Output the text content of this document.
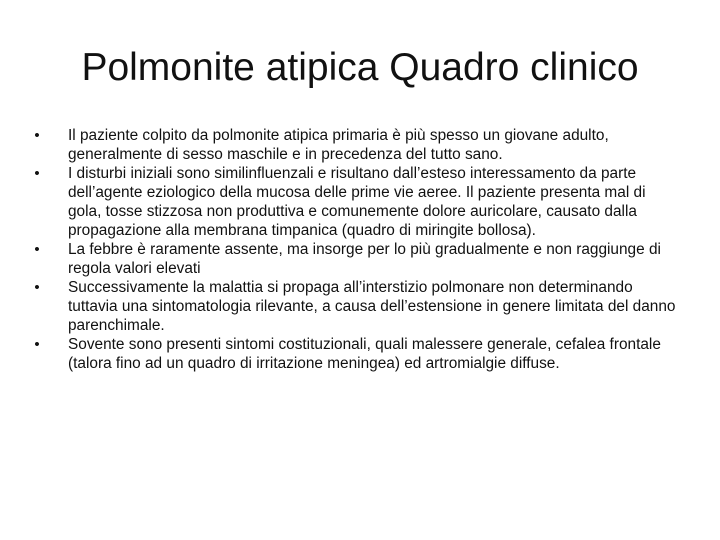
Polmonite atipica Quadro clinico
• Il paziente colpito da polmonite atipica primaria è più spesso un giovane adulto, generalmente di sesso maschile e in precedenza del tutto sano.
• I disturbi iniziali sono similinfluenzali e risultano dall’esteso interessamento da parte dell’agente eziologico della mucosa delle prime vie aeree. Il paziente presenta mal di gola, tosse stizzosa non produttiva e comunemente dolore auricolare, causato dalla propagazione alla membrana timpanica (quadro di miringite bollosa).
• La febbre è raramente assente, ma insorge per lo più gradualmente e non raggiunge di regola valori elevati
• Successivamente la malattia si propaga all’interstizio polmonare non determinando tuttavia una sintomatologia rilevante, a causa dell’estensione in genere limitata del danno parenchimale.
• Sovente sono presenti sintomi costituzionali, quali malessere generale, cefalea frontale (talora fino ad un quadro di irritazione meningea) ed artromialgie diffuse.
